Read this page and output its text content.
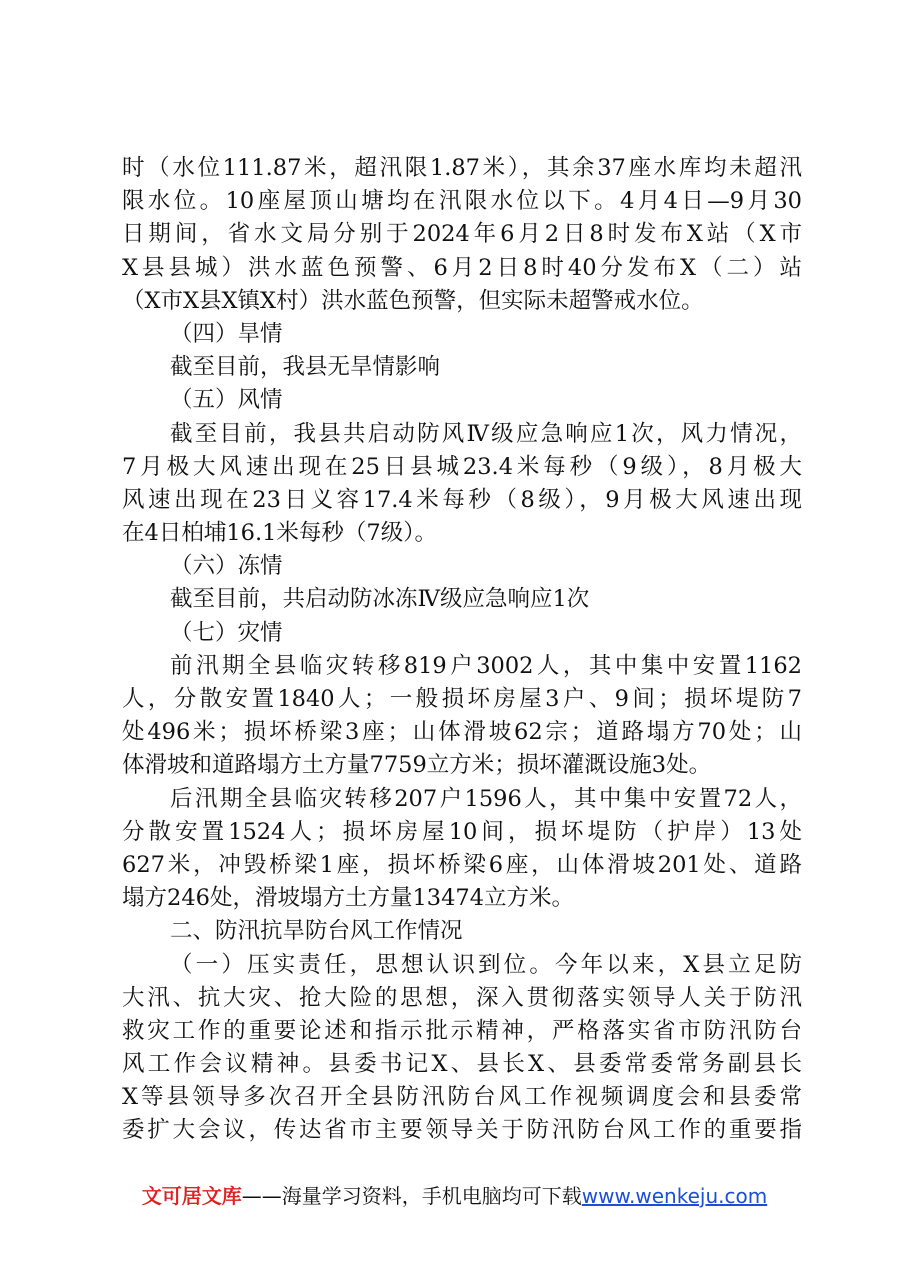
时（水位111.87米，超汛限1.87米），其余37座水库均未超汛
限水位。10座屋顶山塘均在汛限水位以下。4月4日—9月30
日期间，省水文局分别于2024年6月2日8时发布X站（X市
X县县城）洪水蓝色预警、6月2日8时40分发布X（二）站
（X市X县X镇X村）洪水蓝色预警，但实际未超警戒水位。
（四）旱情
截至目前，我县无旱情影响
（五）风情
截至目前，我县共启动防风Ⅳ级应急响应1次，风力情况，
7月极大风速出现在25日县城23.4米每秒（9级），8月极大
风速出现在23日义容17.4米每秒（8级），9月极大风速出现
在4日柏埔16.1米每秒（7级）。
（六）冻情
截至目前，共启动防冰冻Ⅳ级应急响应1次
（七）灾情
前汛期全县临灾转移819户3002人，其中集中安置1162
人，分散安置1840人；一般损坏房屋3户、9间；损坏堤防7
处496米；损坏桥梁3座；山体滑坡62宗；道路塌方70处；山
体滑坡和道路塌方土方量7759立方米；损坏灌溉设施3处。
后汛期全县临灾转移207户1596人，其中集中安置72人，
分散安置1524人；损坏房屋10间，损坏堤防（护岸）13处
627米，冲毁桥梁1座，损坏桥梁6座，山体滑坡201处、道路
塌方246处，滑坡塌方土方量13474立方米。
二、防汛抗旱防台风工作情况
（一）压实责任，思想认识到位。今年以来，X县立足防
大汛、抗大灾、抢大险的思想，深入贯彻落实领导人关于防汛
救灾工作的重要论述和指示批示精神，严格落实省市防汛防台
风工作会议精神。县委书记X、县长X、县委常委常务副县长
X等县领导多次召开全县防汛防台风工作视频调度会和县委常
委扩大会议，传达省市主要领导关于防汛防台风工作的重要指
文可居文库——海量学习资料，手机电脑均可下载www.wenkeju.com
